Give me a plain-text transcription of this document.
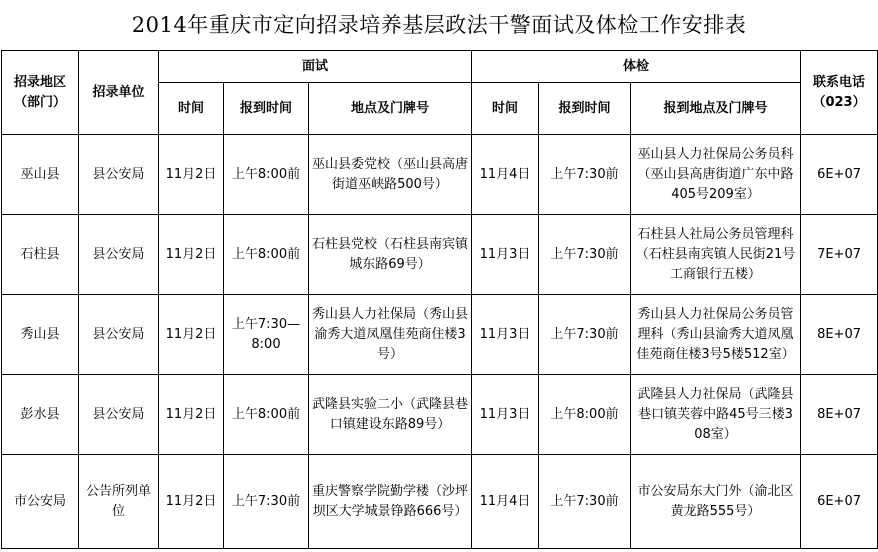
2014年重庆市定向招录培养基层政法干警面试及体检工作安排表
招录地区（部门）	招录单位	面试			体检			联系电话（023）
		时间	报到时间	地点及门牌号	时间	报到时间	报到地点及门牌号	
巫山县	县公安局	11月2日	上午8:00前	巫山县委党校（巫山县高唐街道巫峡路500号）	11月4日	上午7:30前	巫山县人力社保局公务员科（巫山县高唐街道广东中路405号209室）	6E+07
石柱县	县公安局	11月2日	上午8:00前	石柱县党校（石柱县南宾镇城东路69号）	11月3日	上午7:30前	石柱县人社局公务员管理科（石柱县南宾镇人民街21号工商银行五楼）	7E+07
秀山县	县公安局	11月2日	上午7:30—8:00	秀山县人力社保局（秀山县渝秀大道凤凰佳苑商住楼3号）	11月3日	上午7:30前	秀山县人力社保局公务员管理科（秀山县渝秀大道凤凰佳苑商住楼3号5楼512室）	8E+07
彭水县	县公安局	11月2日	上午8:00前	武隆县实验二小（武隆县巷口镇建设东路89号）	11月3日	上午8:00前	武隆县人力社保局（武隆县巷口镇芙蓉中路45号三楼308室）	8E+07
市公安局	公告所列单位	11月2日	上午7:30前	重庆警察学院勤学楼（沙坪坝区大学城景铮路666号）	11月4日	上午7:30前	市公安局东大门外（渝北区黄龙路555号）	6E+07
